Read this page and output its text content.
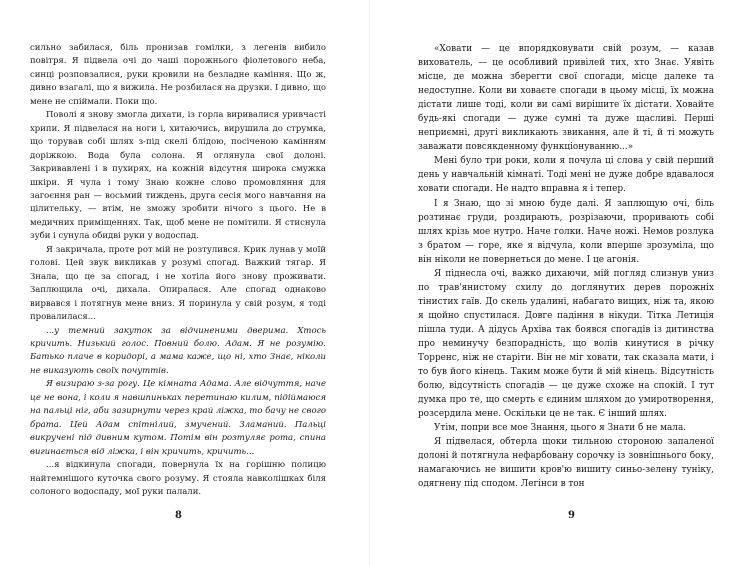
сильно забилася, біль пронизав гомілки, з легенів вибило повітря. Я підвела очі до чаші порожнього фіолетового неба, синці розповзалися, руки кровили на безладне каміння. Що ж, дивно взагалі, що я вижила. Не розбилася на друзки. І дивно, що мене не спіймали. Поки що.

Поволі я знову змогла дихати, із горла виривалися уривчасті хрипи. Я підвелася на ноги і, хитаючись, вирушила до струмка, що торував собі шлях з-під скелі блідою, посіченою камінням доріжкою. Вода була солона. Я оглянула свої долоні. Закривавлені і в пухирях, на кожній відсутня широка смужка шкіри. Я чула і тому Знаю кожне слово промовляння для загоєння ран — восьмий тиждень, друга сесія мого навчання на цілительку, — втім, не зможу зробити нічого з цього. Не в медичних приміщеннях. Так, щоб мене не помітили. Я стиснула зуби і сунула обидві руки у водоспад.

Я закричала, проте рот мій не розтулився. Крик лунав у моїй голові. Цей звук викликав у розумі спогад. Важкий тягар. Я Знала, що це за спогад, і не хотіла його знову проживати. Заплющила очі, дихала. Опиралася. Але спогад однаково вирвався і потягнув мене вниз. Я поринула у свій розум, я тоді провалилася...

...у темний закуток за відчиненими дверима. Хтось кричить. Низький голос. Повний болю. Адам. Я не розумію. Батько плаче в коридорі, а мама каже, що ні, хто Знає, ніколи не виказують своїх почуттів.

Я визираю з-за рогу. Це кімната Адама. Але відчуття, наче це не вона, і коли я навшпиньках перетинаю килим, підіймаюся на пальці ніг, аби зазирнути через край ліжка, то бачу не свого брата. Цей Адам спітнілий, змучений. Зламаний. Пальці викручені під дивним кутом. Потім він розтуляє рота, спина вигинається від ліжка, і він кричить, кричить...

...я відкинула спогади, повернула їх на горішню полицю найтемнішого куточка свого розуму. Я стояла навколішках біля солоного водоспаду, мої руки палали.

«Ховати — це впорядковувати свій розум, — казав вихователь, — це особливий привілей тих, хто Знає. Уявіть місце, де можна зберегти свої спогади, місце далеке та недоступне. Коли ви ховаєте спогади в цьому місці, їх можна дістати лише тоді, коли ви самі вирішите їх дістати. Ховайте будь-які спогади — дуже сумні та дуже щасливі. Перші неприємні, другі викликають звикання, але й ті, й ті можуть заважати повсякденному функціонуванню...»

Мені було три роки, коли я почула ці слова у свій перший день у навчальній кімнаті. Тоді мені не дуже добре вдавалося ховати спогади. Не надто вправна я і тепер.

І я Знаю, що зі мною буде далі. Я заплющую очі, біль розтинає груди, роздирають, розрізаючи, проривають собі шлях крізь мое нутро. Наче голки. Наче ножі. Немов розлука з братом — горе, яке я відчула, коли вперше зрозуміла, що він ніколи не повернеться до мене. І це агонія.

Я піднесла очі, важко дихаючи, мій погляд слизнув униз по трав'янистому схилу до доглянутих дерев порожніх тінистих гаїв. До скель удалині, набагато вищих, ніж та, якою я щойно спустилася. Довге падіння в нікуди. Тітка Летиція пішла туди. А дідусь Архіва так боявся спогадів із дитинства про неминучу безпорадність, що волів кинутися в річку Торренс, ніж не старіти. Він не міг ховати, так сказала мати, і то був його кінець. Таким може бути й мій кінець. Відсутність болю, відсутність спогадів — це дуже схоже на спокій. І тут думка про те, що смерть є єдиним шляхом до умиротворення, розсердила мене. Оскільки це не так. Є інший шлях.

Утім, попри все мое Знання, цього я Знати б не мала.

Я підвелася, обтерла щоки тильною стороною запаленої долоні й потягнула нефарбовану сорочку із зовнішнього боку, намагаючись не вишити кров'ю вишиту синьо-зелену туніку, одягнену під сподом. Легінси в тон

8	9
